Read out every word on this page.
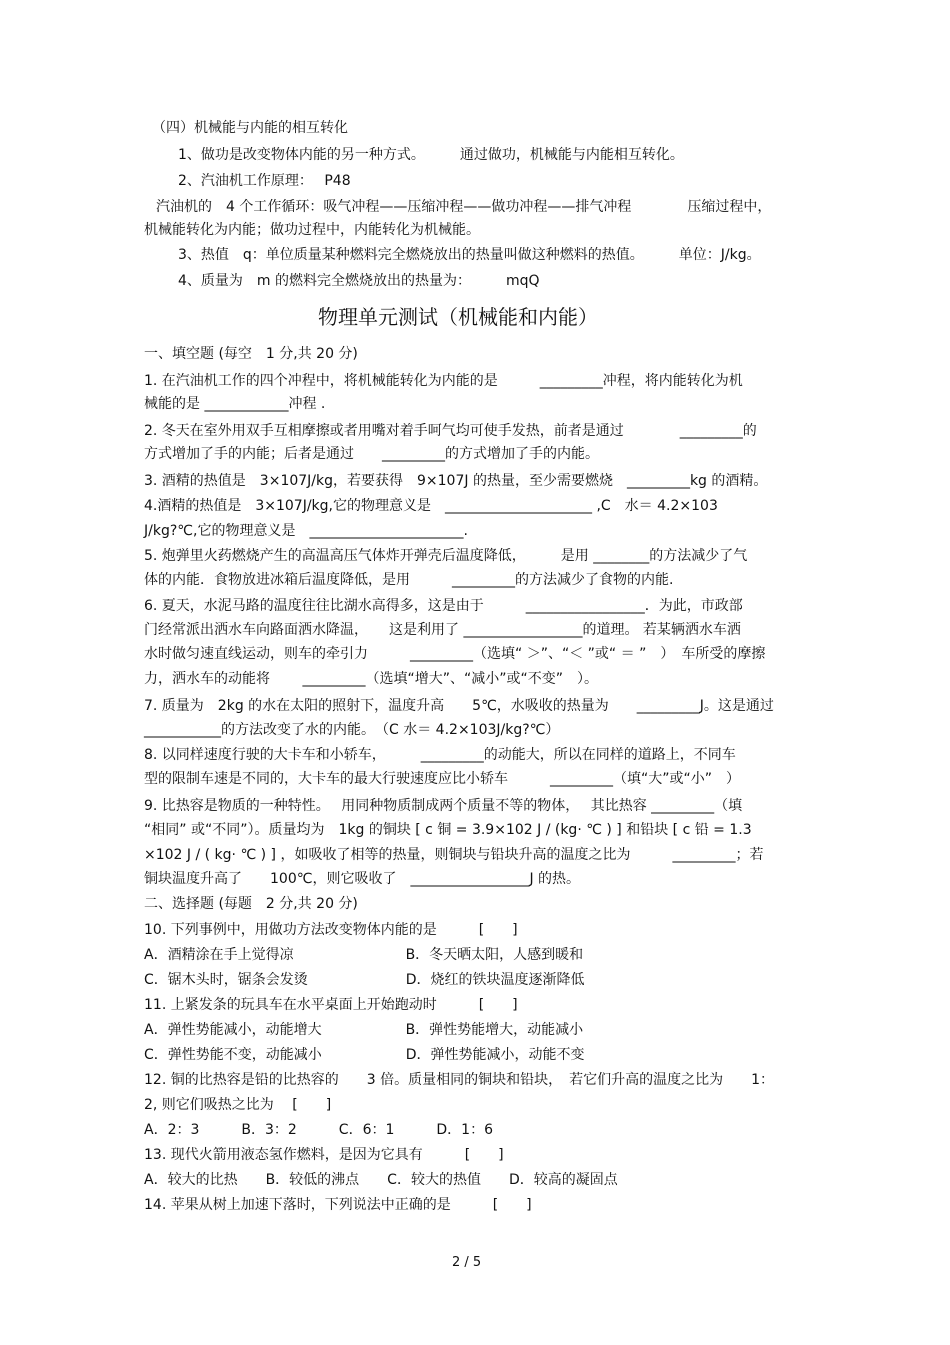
（四）机械能与内能的相互转化
1、做功是改变物体内能的另一种方式。　　　通过做功，机械能与内能相互转化。
2、汽油机工作原理：　 P48
汽油机的　4 个工作循环：吸气冲程——压缩冲程——做功冲程——排气冲程　　　　压缩过程中，
机械能转化为内能；做功过程中，内能转化为机械能。
3、热值　q：单位质量某种燃料完全燃烧放出的热量叫做这种燃料的热值。　　　单位：J/kg。
4、质量为　m 的燃料完全燃烧放出的热量为：　　　mqQ
物理单元测试（机械能和内能）
一、填空题 (每空　1 分,共 20 分)
1. 在汽油机工作的四个冲程中，将机械能转化为内能的是　　　_________冲程，将内能转化为机
械能的是 ____________冲程 .
2. 冬天在室外用双手互相摩擦或者用嘴对着手呵气均可使手发热，前者是通过　　　　_________的
方式增加了手的内能；后者是通过　　_________的方式增加了手的内能。
3. 酒精的热值是　3×107J/kg，若要获得　9×107J 的热量，至少需要燃烧　_________kg 的酒精。
4.酒精的热值是　3×107J/kg,它的物理意义是　_____________________ ,C　水＝ 4.2×103
J/kg?℃,它的物理意义是　______________________.
5. 炮弹里火药燃烧产生的高温高压气体炸开弹壳后温度降低，　　　是用 ________的方法减少了气
体的内能．食物放进冰箱后温度降低，是用　　　_________的方法减少了食物的内能.
6. 夏天，水泥马路的温度往往比湖水高得多，这是由于　　　_________________．为此，市政部
门经常派出洒水车向路面洒水降温，　　这是利用了 _________________的道理。 若某辆洒水车洒
水时做匀速直线运动，则车的牵引力　　　_________（选填“ ＞”、“＜ ”或“ ＝ ”　）　车所受的摩擦
力，洒水车的动能将　　 _________（选填“增大”、“减小”或“不变”　）。
7. 质量为　2kg 的水在太阳的照射下，温度升高　　5℃，水吸收的热量为　　_________J。这是通过
___________的方法改变了水的内能。　（C 水＝ 4.2×103J/kg?℃）
8. 以同样速度行驶的大卡车和小轿车，　　　_________的动能大，所以在同样的道路上，不同车
型的限制车速是不同的，大卡车的最大行驶速度应比小轿车　　　_________（填“大”或“小”　）
9. 比热容是物质的一种特性。　 用同种物质制成两个质量不等的物体，　 其比热容 _________（填
“相同” 或“不同”）。质量均为　1kg 的铜块 [ c 铜 = 3.9×102 J / (kg· ℃ ) ] 和铅块 [ c 铅 = 1.3
×102 J / ( kg· ℃ ) ] ，如吸收了相等的热量，则铜块与铅块升高的温度之比为　　　_________；若
铜块温度升高了　　100℃，则它吸收了　_________________J 的热。
二、选择题 (每题　2 分,共 20 分)
10. 下列事例中，用做功方法改变物体内能的是　　　[　　]
A．酒精涂在手上觉得凉　　　　　　　　B．冬天晒太阳，人感到暖和
C．锯木头时，锯条会发烫　　　　　　　D．烧红的铁块温度逐渐降低
11. 上紧发条的玩具车在水平桌面上开始跑动时　　　[　　]
A．弹性势能减小，动能增大　　　　　　B．弹性势能增大，动能减小
C．弹性势能不变，动能减小　　　　　　D．弹性势能减小，动能不变
12. 铜的比热容是铅的比热容的　　3 倍。质量相同的铜块和铅块，　若它们升高的温度之比为　　1：
2, 则它们吸热之比为　 [　　]
A．2：3　　　B．3：2　　　C．6：1　　　D．1：6
13. 现代火箭用液态氢作燃料，是因为它具有　　　[　　]
A．较大的比热　　B．较低的沸点　　C．较大的热值　　D．较高的凝固点
14. 苹果从树上加速下落时，下列说法中正确的是　　　[　　]
2 / 5
